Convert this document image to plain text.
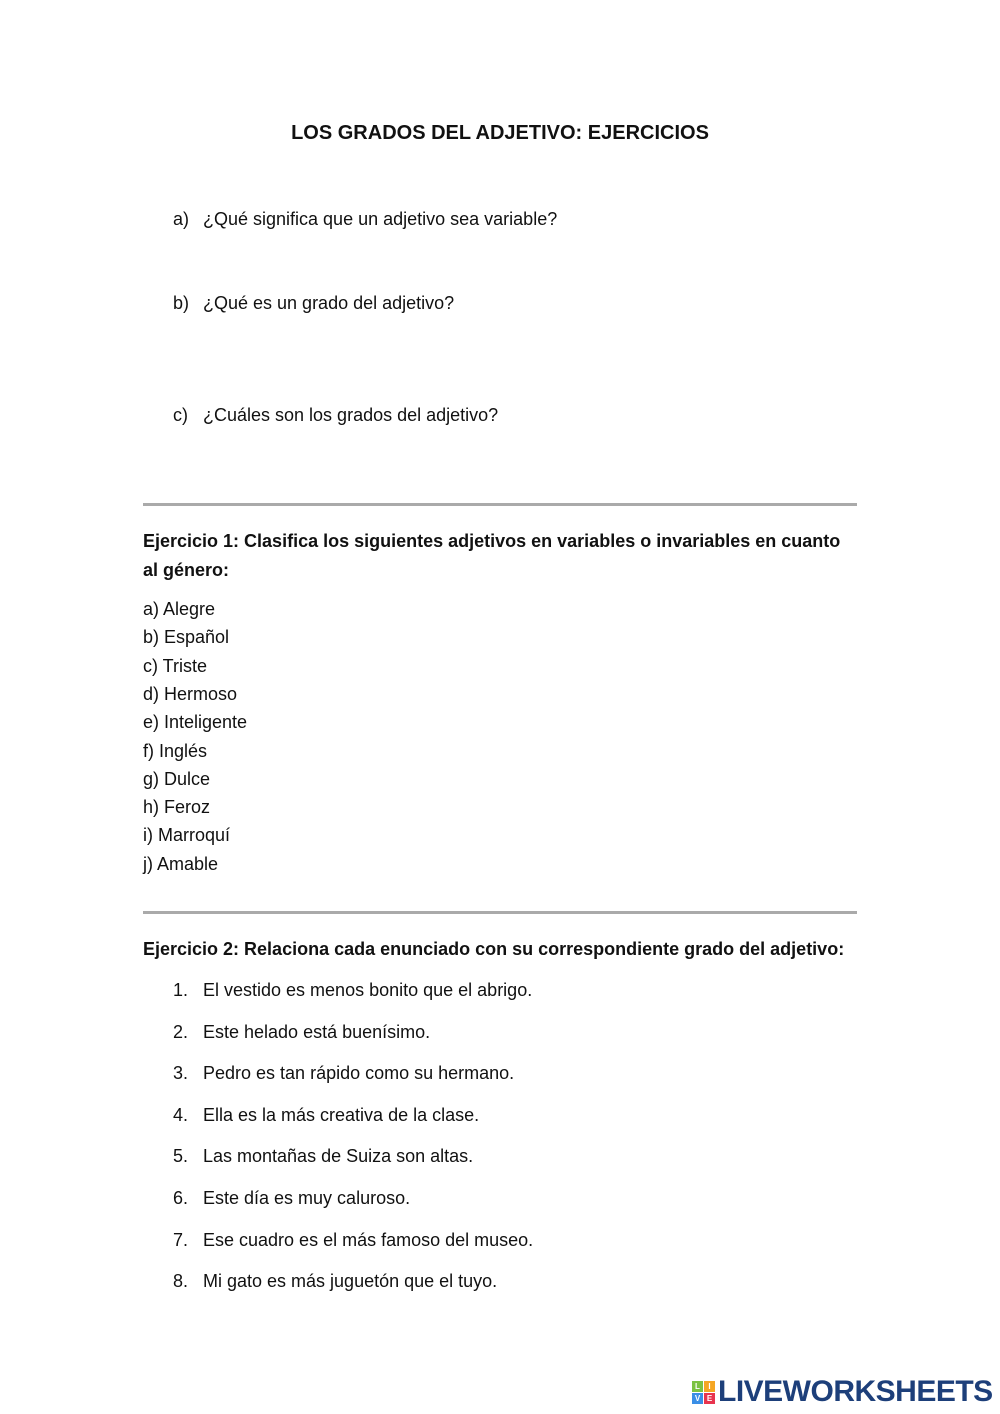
LOS GRADOS DEL ADJETIVO: EJERCICIOS
a) ¿Qué significa que un adjetivo sea variable?
b) ¿Qué es un grado del adjetivo?
c) ¿Cuáles son los grados del adjetivo?
Ejercicio 1: Clasifica los siguientes adjetivos en variables o invariables en cuanto al género:
a) Alegre
b) Español
c) Triste
d) Hermoso
e) Inteligente
f) Inglés
g) Dulce
h) Feroz
i) Marroquí
j) Amable
Ejercicio 2: Relaciona cada enunciado con su correspondiente grado del adjetivo:
1. El vestido es menos bonito que el abrigo.
2. Este helado está buenísimo.
3. Pedro es tan rápido como su hermano.
4. Ella es la más creativa de la clase.
5. Las montañas de Suiza son altas.
6. Este día es muy caluroso.
7. Ese cuadro es el más famoso del museo.
8. Mi gato es más juguetón que el tuyo.
L	I
V E LIVEWORKSHEETS
